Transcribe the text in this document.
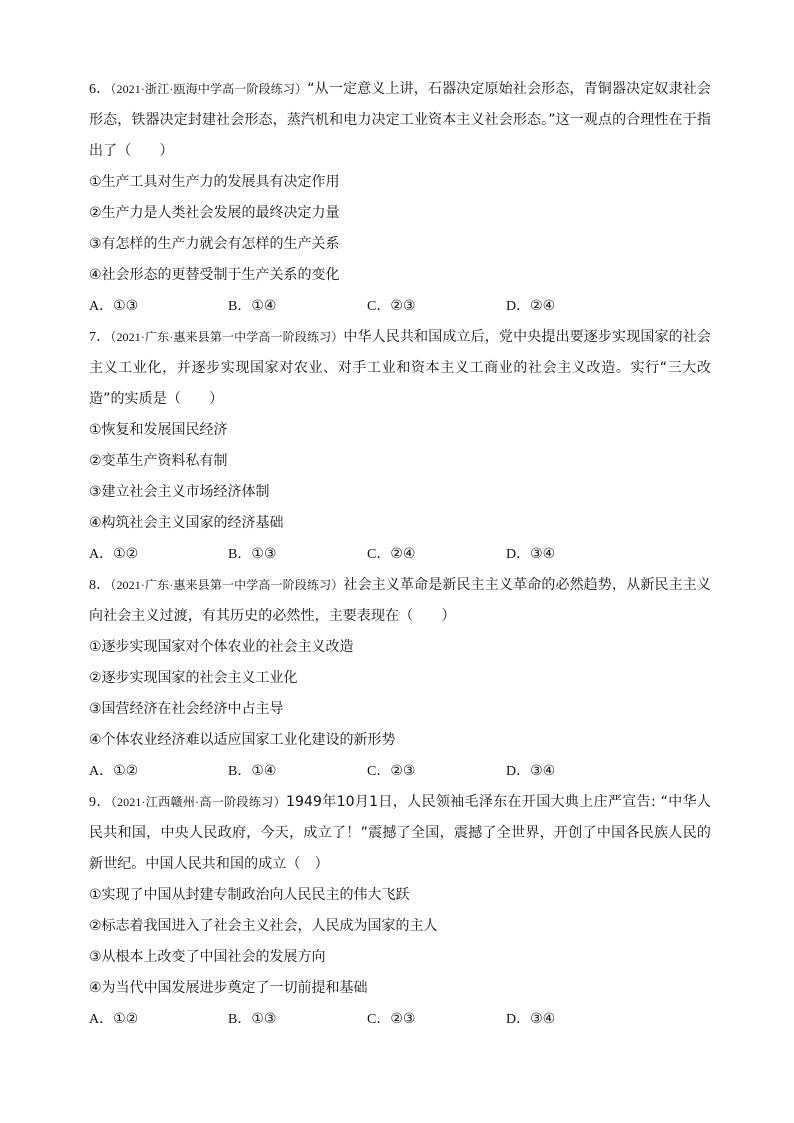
6．（2021·浙江·瓯海中学高一阶段练习）“从一定意义上讲，石器决定原始社会形态，青铜器决定奴隶社会形态，铁器决定封建社会形态，蒸汽机和电力决定工业资本主义社会形态。”这一观点的合理性在于指出了（　　）

①生产工具对生产力的发展具有决定作用

②生产力是人类社会发展的最终决定力量

③有怎样的生产力就会有怎样的生产关系

④社会形态的更替受制于生产关系的变化

A．①③	B．①④	C．②③	D．②④

7．（2021·广东·惠来县第一中学高一阶段练习）中华人民共和国成立后，党中央提出要逐步实现国家的社会主义工业化，并逐步实现国家对农业、对手工业和资本主义工商业的社会主义改造。实行“三大改造”的实质是（　　）

①恢复和发展国民经济

②变革生产资料私有制

③建立社会主义市场经济体制

④构筑社会主义国家的经济基础

A．①②	B．①③	C．②④	D．③④

8．（2021·广东·惠来县第一中学高一阶段练习）社会主义革命是新民主主义革命的必然趋势，从新民主主义向社会主义过渡，有其历史的必然性，主要表现在（　　）

①逐步实现国家对个体农业的社会主义改造

②逐步实现国家的社会主义工业化

③国营经济在社会经济中占主导

④个体农业经济难以适应国家工业化建设的新形势

A．①②	B．①④	C．②③	D．③④

9．（2021·江西赣州·高一阶段练习）1949年10月1日，人民领袖毛泽东在开国大典上庄严宣告: “中华人民共和国，中央人民政府，今天，成立了！”震撼了全国，震撼了全世界，开创了中国各民族人民的新世纪。中国人民共和国的成立（　）

①实现了中国从封建专制政治向人民民主的伟大飞跃

②标志着我国进入了社会主义社会，人民成为国家的主人

③从根本上改变了中国社会的发展方向

④为当代中国发展进步奠定了一切前提和基础

A．①②	B．①③	C．②③	D．③④
